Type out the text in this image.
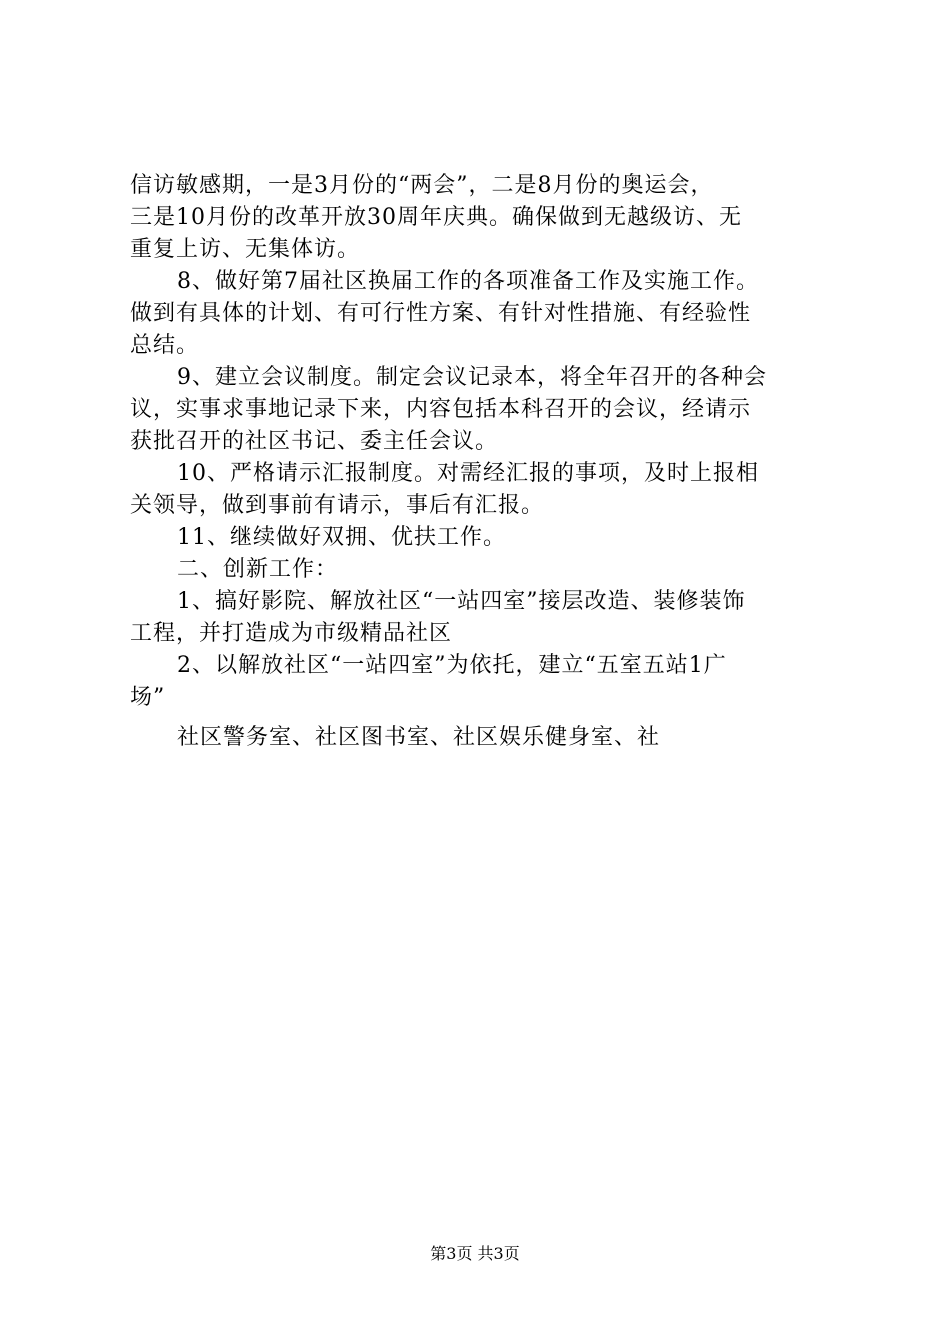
信访敏感期，一是3月份的“两会”，二是8月份的奥运会，
三是10月份的改革开放30周年庆典。确保做到无越级访、无
重复上访、无集体访。
8、做好第7届社区换届工作的各项准备工作及实施工作。
做到有具体的计划、有可行性方案、有针对性措施、有经验性
总结。
9、建立会议制度。制定会议记录本，将全年召开的各种会
议，实事求事地记录下来，内容包括本科召开的会议，经请示
获批召开的社区书记、委主任会议。
10、严格请示汇报制度。对需经汇报的事项，及时上报相
关领导，做到事前有请示，事后有汇报。
11、继续做好双拥、优扶工作。
二、创新工作：
1、搞好影院、解放社区“一站四室”接层改造、装修装饰
工程，并打造成为市级精品社区
2、以解放社区“一站四室”为依托，建立“五室五站1广
场”
社区警务室、社区图书室、社区娱乐健身室、社
第3页 共3页
